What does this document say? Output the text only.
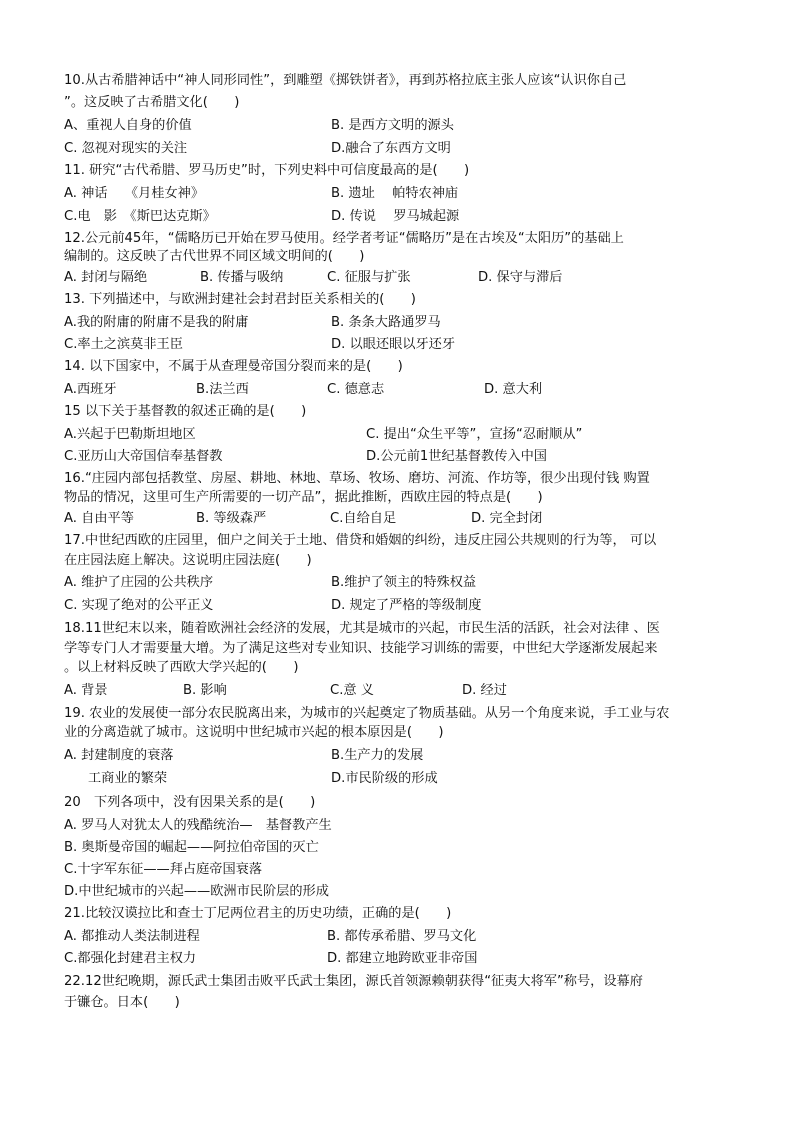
10.从古希腊神话中“神人同形同性”，到雕塑《掷铁饼者》，再到苏格拉底主张人应该“认识你自己
”。这反映了古希腊文化(　　)
A、重视人自身的价值	B. 是西方文明的源头
C. 忽视对现实的关注	D.融合了东西方文明
11. 研究“古代希腊、罗马历史”时，下列史料中可信度最高的是(　　)
A. 神话　 《月桂女神》	B. 遗址　 帕特农神庙
C.电　影　《斯巴达克斯》	D. 传说　 罗马城起源
12.公元前45年，“儒略历已开始在罗马使用。经学者考证“儒略历”是在古埃及“太阳历”的基础上
编制的。这反映了古代世界不同区域文明间的(　　)
A. 封闭与隔绝	B. 传播与吸纳	C. 征服与扩张	D. 保守与滞后
13. 下列描述中，与欧洲封建社会封君封臣关系相关的(　　)
A.我的附庸的附庸不是我的附庸	B. 条条大路通罗马
C.率土之滨莫非王臣	D. 以眼还眼以牙还牙
14. 以下国家中，不属于从查理曼帝国分裂而来的是(　　)
A.西班牙	B.法兰西	C. 德意志	D. 意大利
15 以下关于基督教的叙述正确的是(　　)
A.兴起于巴勒斯坦地区	C. 提出“众生平等”，宣扬“忍耐顺从”
C.亚历山大帝国信奉基督教	D.公元前1世纪基督教传入中国
16.“庄园内部包括教堂、房屋、耕地、林地、草场、牧场、磨坊、河流、作坊等，很少出现付钱 购置
物品的情况，这里可生产所需要的一切产品”，据此推断，西欧庄园的特点是(　　)
A. 自由平等	B. 等级森严	C.自给自足	D. 完全封闭
17.中世纪西欧的庄园里，佃户之间关于土地、借贷和婚姻的纠纷，违反庄园公共规则的行为等， 可以
在庄园法庭上解决。这说明庄园法庭(　　)
A. 维护了庄园的公共秩序	B.维护了领主的特殊权益
C. 实现了绝对的公平正义	D. 规定了严格的等级制度
18.11世纪末以来，随着欧洲社会经济的发展，尤其是城市的兴起，市民生活的活跃，社会对法律 、医
学等专门人才需要量大增。为了满足这些对专业知识、技能学习训练的需要，中世纪大学逐渐发展起来
。以上材料反映了西欧大学兴起的(　　)
A. 背景	B. 影响	C.意 义	D. 经过
19. 农业的发展使一部分农民脱离出来，为城市的兴起奠定了物质基础。从另一个角度来说，手工业与农
业的分离造就了城市。这说明中世纪城市兴起的根本原因是(　　)
A. 封建制度的衰落	B.生产力的发展
工商业的繁荣	D.市民阶级的形成
20　下列各项中，没有因果关系的是(　　)
A. 罗马人对犹太人的残酷统治—　基督教产生
B. 奥斯曼帝国的崛起——阿拉伯帝国的灭亡
C.十字军东征——拜占庭帝国衰落
D.中世纪城市的兴起——欧洲市民阶层的形成
21.比较汉谟拉比和查士丁尼两位君主的历史功绩，正确的是(　　)
A. 都推动人类法制进程	B. 都传承希腊、罗马文化
C.都强化封建君主权力	D. 都建立地跨欧亚非帝国
22.12世纪晚期，源氏武士集团击败平氏武士集团，源氏首领源赖朝获得“征夷大将军”称号，设幕府
于镰仓。日本(　　)
